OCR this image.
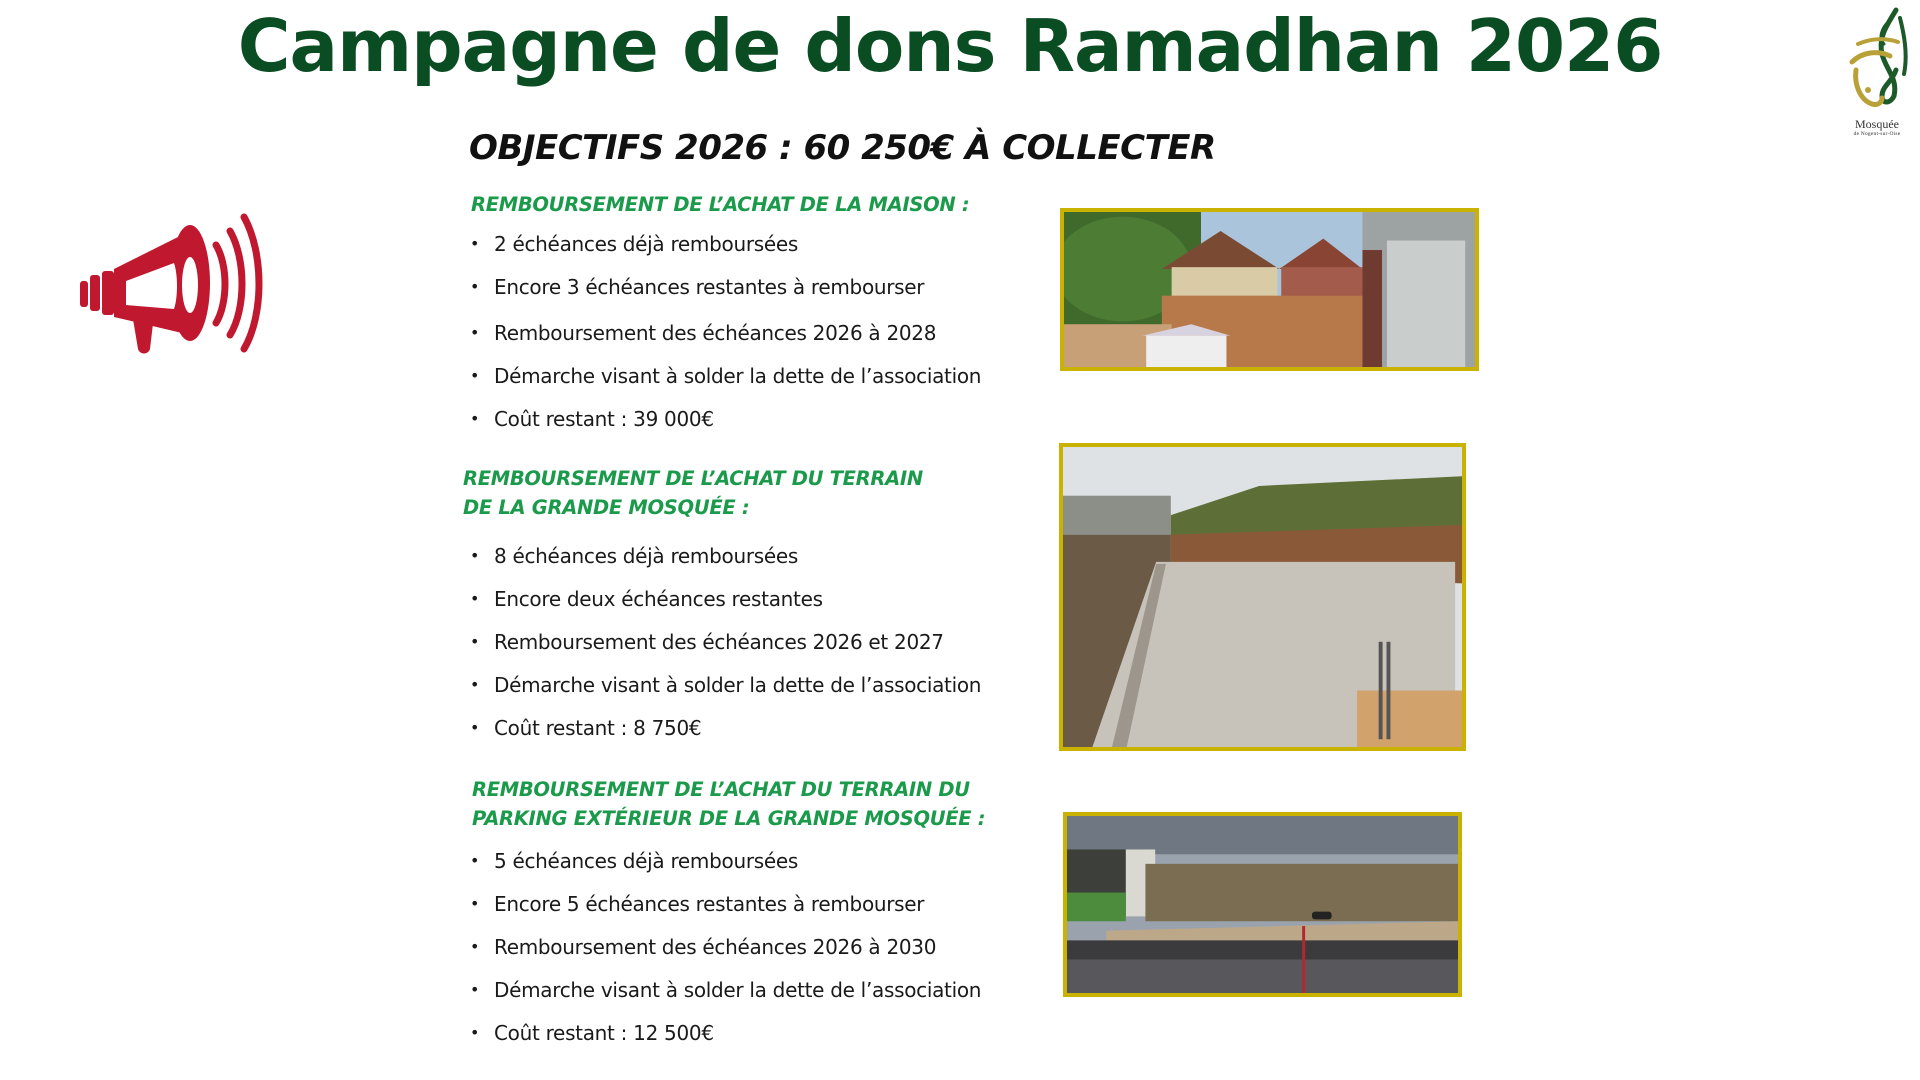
Campagne de dons Ramadhan 2026
Mosquée
de Nogent-sur-Oise
OBJECTIFS 2026 : 60 250€ À COLLECTER
REMBOURSEMENT DE L’ACHAT DE LA MAISON :
• 2 échéances déjà remboursées
• Encore 3 échéances restantes à rembourser
• Remboursement des échéances 2026 à 2028
• Démarche visant à solder la dette de l’association
• Coût restant : 39 000€
REMBOURSEMENT DE L’ACHAT DU TERRAIN
DE LA GRANDE MOSQUÉE :
• 8 échéances déjà remboursées
• Encore deux échéances restantes
• Remboursement des échéances 2026 et 2027
• Démarche visant à solder la dette de l’association
• Coût restant : 8 750€
REMBOURSEMENT DE L’ACHAT DU TERRAIN DU
PARKING EXTÉRIEUR DE LA GRANDE MOSQUÉE :
• 5 échéances déjà remboursées
• Encore 5 échéances restantes à rembourser
• Remboursement des échéances 2026 à 2030
• Démarche visant à solder la dette de l’association
• Coût restant : 12 500€
